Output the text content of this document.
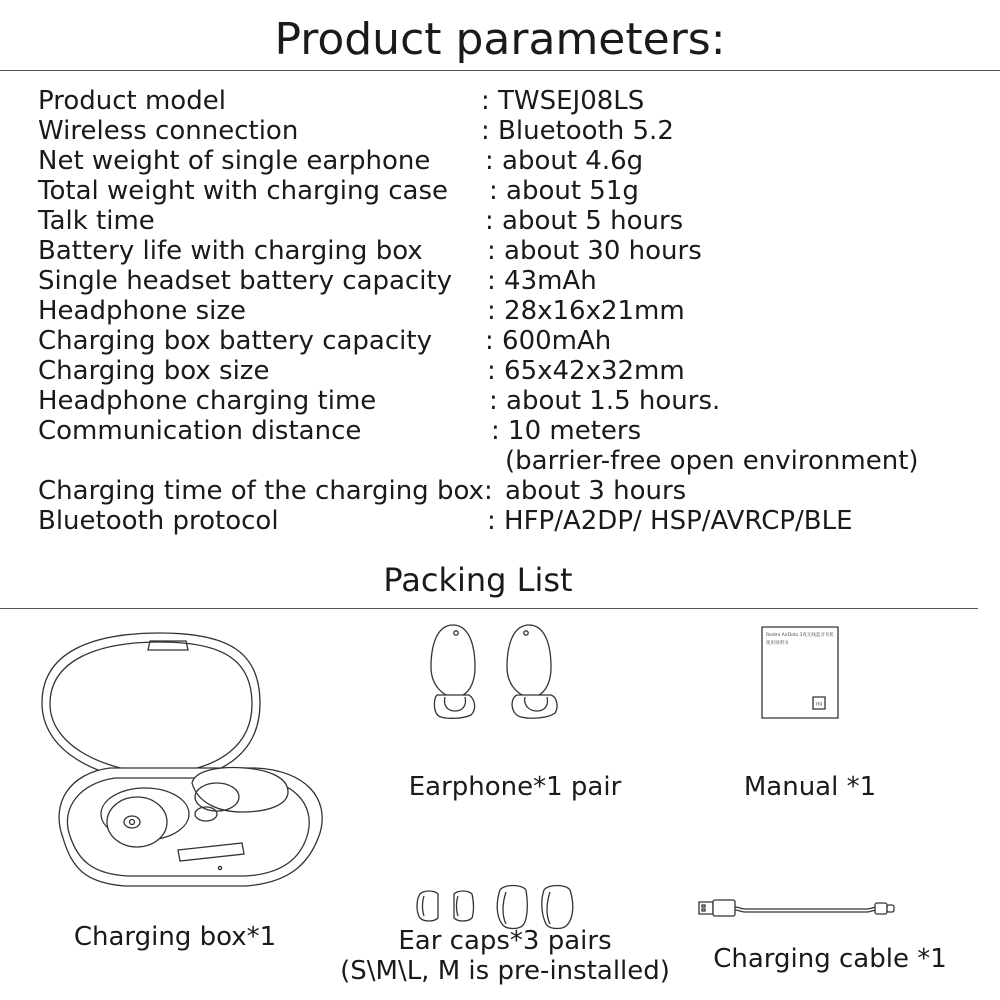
Product parameters:
Product model	: TWSEJ08LS
Wireless connection	: Bluetooth 5.2
Net weight of single earphone : about 4.6g
Total weight with charging case : about 51g
Talk time	: about 5 hours
Battery life with charging box : about 30 hours
Single headset battery capacity : 43mAh
Headphone size	: 28x16x21mm
Charging box battery capacity : 600mAh
Charging box size	: 65x42x32mm
Headphone charging time	: about 1.5 hours.
Communication distance	: 10 meters
(barrier-free open environment)
Charging time of the charging box: about 3 hours
Bluetooth protocol	: HFP/A2DP/ HSP/AVRCP/BLE
Packing List
Charging box*1
Earphone*1 pair
Redmi AirDots 3真无线蓝牙耳机
使用说明书
mi
Manual *1
Ear caps*3 pairs
(S\M\L, M is pre-installed)	Charging cable *1
